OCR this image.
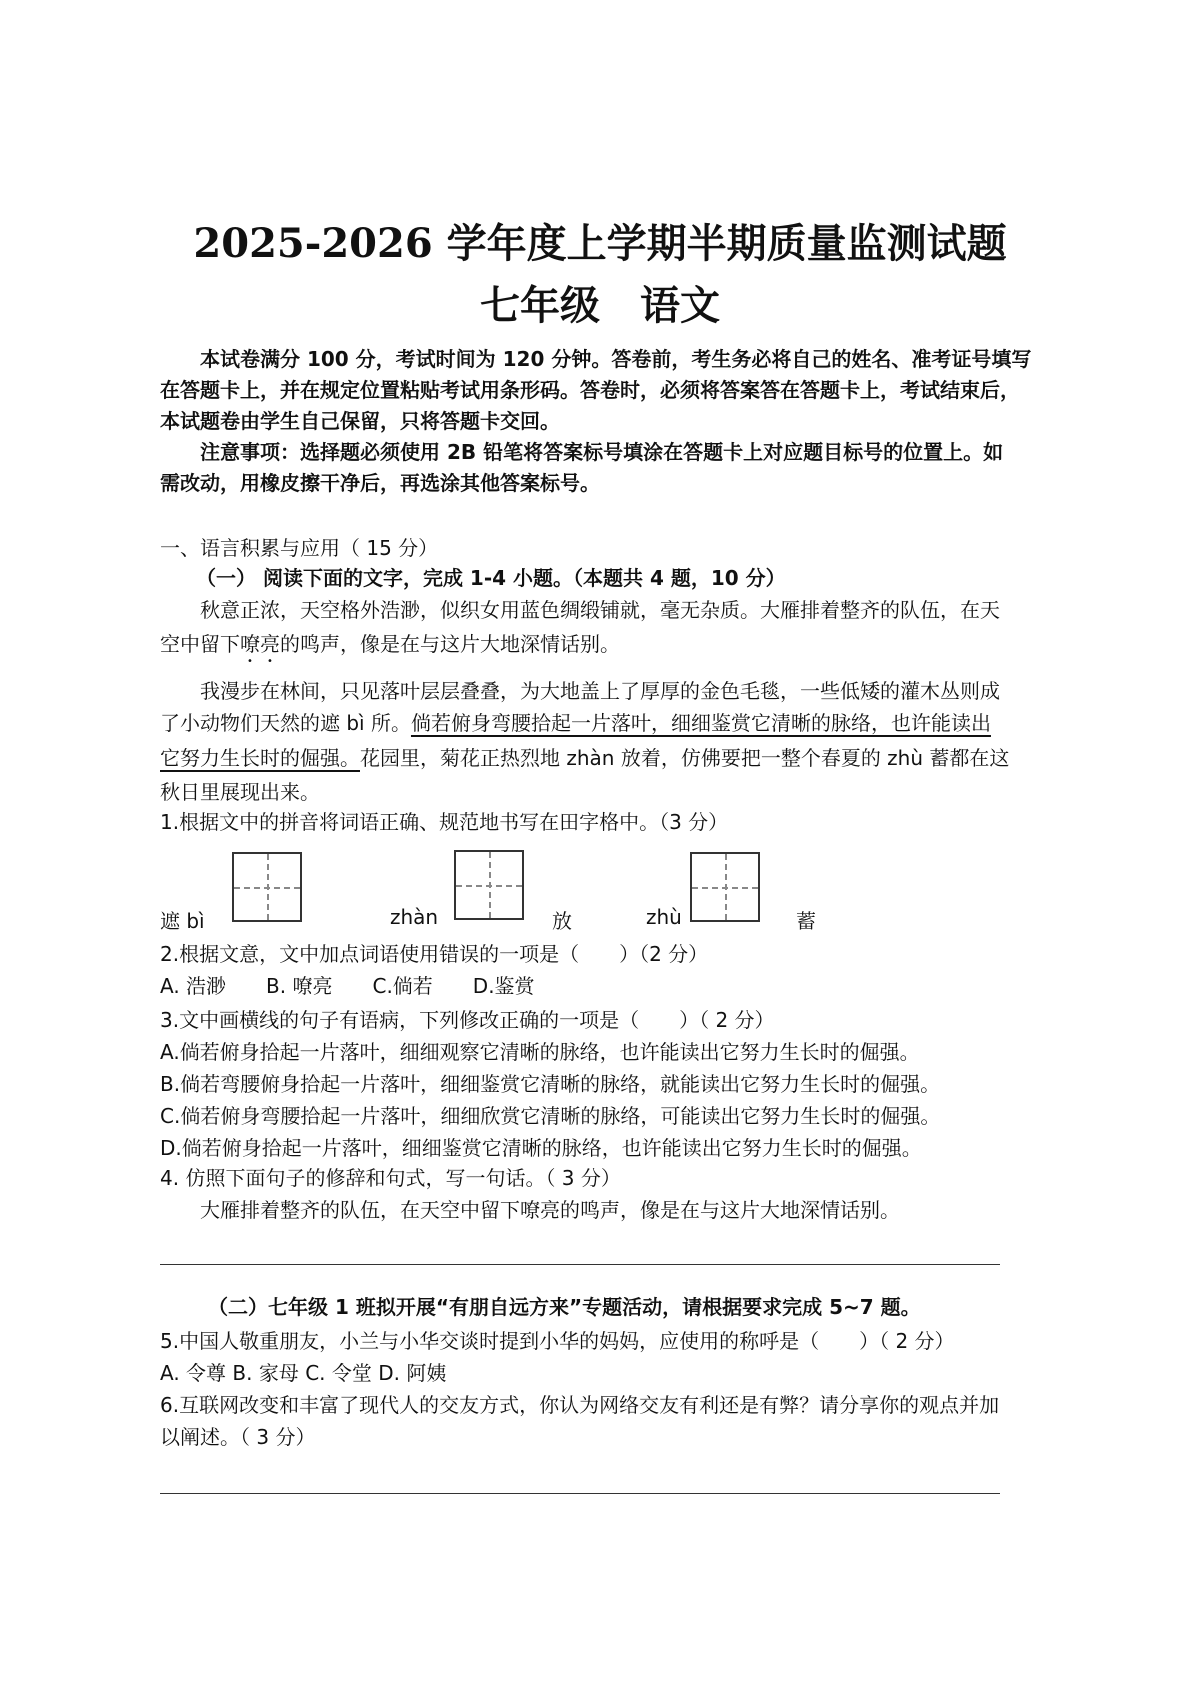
2025-2026 学年度上学期半期质量监测试题
七年级　语文
本试卷满分 100 分，考试时间为 120 分钟。答卷前，考生务必将自己的姓名、准考证号填写
在答题卡上，并在规定位置粘贴考试用条形码。答卷时，必须将答案答在答题卡上，考试结束后，
本试题卷由学生自己保留，只将答题卡交回。
注意事项：选择题必须使用 2B 铅笔将答案标号填涂在答题卡上对应题目标号的位置上。如
需改动，用橡皮擦干净后，再选涂其他答案标号。
一、语言积累与应用（ 15 分）
（一） 阅读下面的文字，完成 1-4 小题。（本题共 4 题，10 分）
秋意正浓，天空格外浩渺，似织女用蓝色绸缎铺就，毫无杂质。大雁排着整齐的队伍，在天
空中留下嘹亮的鸣声，像是在与这片大地深情话别。
我漫步在林间，只见落叶层层叠叠，为大地盖上了厚厚的金色毛毯，一些低矮的灌木丛则成
了小动物们天然的遮 bì 所。倘若俯身弯腰拾起一片落叶，细细鉴赏它清晰的脉络，也许能读出
它努力生长时的倔强。花园里，菊花正热烈地 zhàn 放着，仿佛要把一整个春夏的 zhù 蓄都在这
秋日里展现出来。
1.根据文中的拼音将词语正确、规范地书写在田字格中。（3 分）
遮 bì	zhàn	放	zhù	蓄
2.根据文意，文中加点词语使用错误的一项是（　　）（2 分）
A. 浩渺　　B. 嘹亮　　C.倘若　　D.鉴赏
3.文中画横线的句子有语病，下列修改正确的一项是（　　）（ 2 分）
A.倘若俯身拾起一片落叶，细细观察它清晰的脉络，也许能读出它努力生长时的倔强。
B.倘若弯腰俯身拾起一片落叶，细细鉴赏它清晰的脉络，就能读出它努力生长时的倔强。
C.倘若俯身弯腰拾起一片落叶，细细欣赏它清晰的脉络，可能读出它努力生长时的倔强。
D.倘若俯身拾起一片落叶，细细鉴赏它清晰的脉络，也许能读出它努力生长时的倔强。
4. 仿照下面句子的修辞和句式，写一句话。（ 3 分）
大雁排着整齐的队伍，在天空中留下嘹亮的鸣声，像是在与这片大地深情话别。
（二）七年级 1 班拟开展“有朋自远方来”专题活动，请根据要求完成 5~7 题。
5.中国人敬重朋友，小兰与小华交谈时提到小华的妈妈，应使用的称呼是（　　）（ 2 分）
A. 令尊 B. 家母 C. 令堂 D. 阿姨
6.互联网改变和丰富了现代人的交友方式，你认为网络交友有利还是有弊？请分享你的观点并加
以阐述。（ 3 分）
